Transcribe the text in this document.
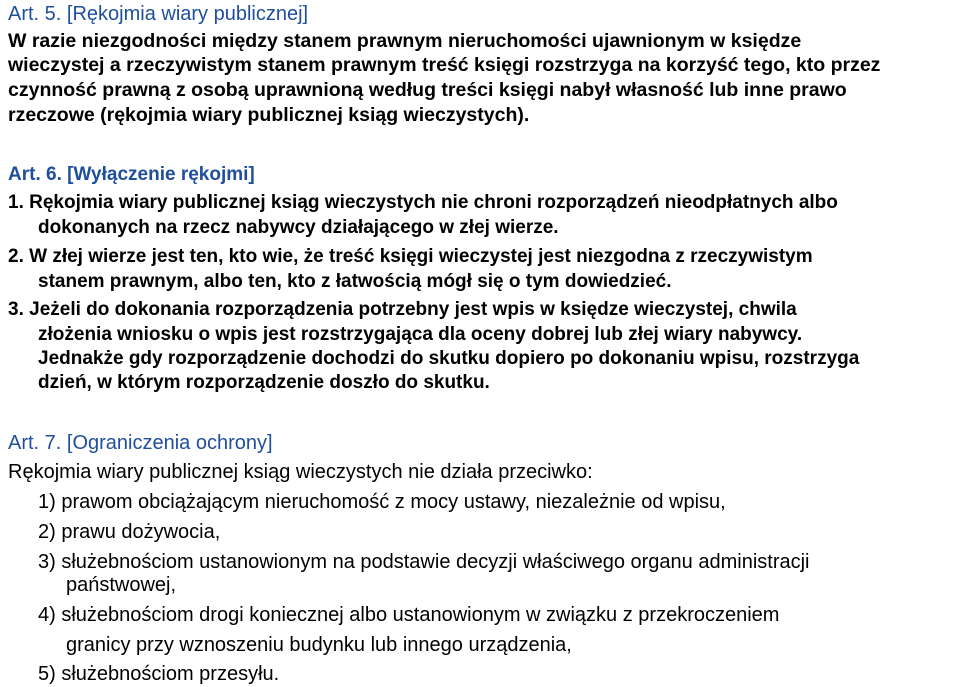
Art. 5. [Rękojmia wiary publicznej]
W razie niezgodności między stanem prawnym nieruchomości ujawnionym w księdze
wieczystej a rzeczywistym stanem prawnym treść księgi rozstrzyga na korzyść tego, kto przez
czynność prawną z osobą uprawnioną według treści księgi nabył własność lub inne prawo
rzeczowe (rękojmia wiary publicznej ksiąg wieczystych).
Art. 6. [Wyłączenie rękojmi]
1. Rękojmia wiary publicznej ksiąg wieczystych nie chroni rozporządzeń nieodpłatnych albo
dokonanych na rzecz nabywcy działającego w złej wierze.
2. W złej wierze jest ten, kto wie, że treść księgi wieczystej jest niezgodna z rzeczywistym
stanem prawnym, albo ten, kto z łatwością mógł się o tym dowiedzieć.
3. Jeżeli do dokonania rozporządzenia potrzebny jest wpis w księdze wieczystej, chwila
złożenia wniosku o wpis jest rozstrzygająca dla oceny dobrej lub złej wiary nabywcy.
Jednakże gdy rozporządzenie dochodzi do skutku dopiero po dokonaniu wpisu, rozstrzyga
dzień, w którym rozporządzenie doszło do skutku.
Art. 7. [Ograniczenia ochrony]
Rękojmia wiary publicznej ksiąg wieczystych nie działa przeciwko:
1) prawom obciążającym nieruchomość z mocy ustawy, niezależnie od wpisu,
2) prawu dożywocia,
3) służebnościom ustanowionym na podstawie decyzji właściwego organu administracji
państwowej,
4) służebnościom drogi koniecznej albo ustanowionym w związku z przekroczeniem
granicy przy wznoszeniu budynku lub innego urządzenia,
5) służebnościom przesyłu.
